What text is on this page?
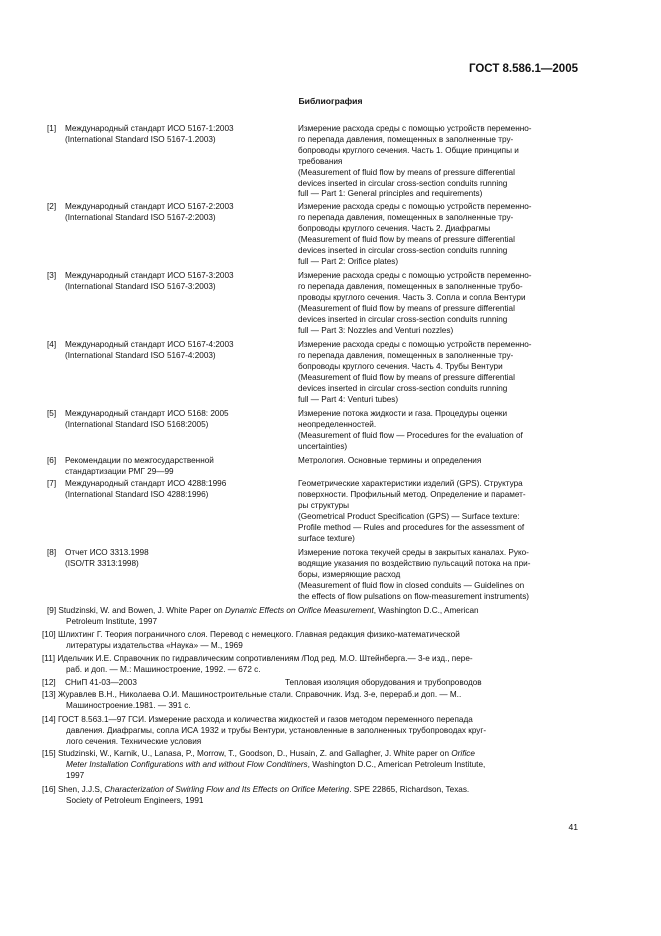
ГОСТ 8.586.1—2005
Библиография
[1] Международный стандарт ИСО 5167-1:2003
(International Standard ISO 5167-1.2003)
Измерение расхода среды с помощью устройств переменно-
го перепада давления, помещенных в заполненные тру-
бопроводы круглого сечения. Часть 1. Общие принципы и
требования
(Measurement of fluid flow by means of pressure differential
devices inserted in circular cross-section conduits running
full — Part 1: General principles and requirements)
[2] Международный стандарт ИСО 5167-2:2003
(International Standard ISO 5167-2:2003)
Измерение расхода среды с помощью устройств переменно-
го перепада давления, помещенных в заполненные тру-
бопроводы круглого сечения. Часть 2. Диафрагмы
(Measurement of fluid flow by means of pressure differential
devices inserted in circular cross-section conduits running
full — Part 2: Orifice plates)
[3] Международный стандарт ИСО 5167-3:2003
(International Standard ISO 5167-3:2003)
Измерение расхода среды с помощью устройств переменно-
го перепада давления, помещенных в заполненные трубо-
проводы круглого сечения. Часть 3. Сопла и сопла Вентури
(Measurement of fluid flow by means of pressure differential
devices inserted in circular cross-section conduits running
full — Part 3: Nozzles and Venturi nozzles)
[4] Международный стандарт ИСО 5167-4:2003
(International Standard ISO 5167-4:2003)
Измерение расхода среды с помощью устройств переменно-
го перепада давления, помещенных в заполненные тру-
бопроводы круглого сечения. Часть 4. Трубы Вентури
(Measurement of fluid flow by means of pressure differential
devices inserted in circular cross-section conduits running
full — Part 4: Venturi tubes)
[5] Международный стандарт ИСО 5168: 2005
(International Standard ISO 5168:2005)
Измерение потока жидкости и газа. Процедуры оценки
неопределенностей.
(Measurement of fluid flow — Procedures for the evaluation of
uncertainties)
[6] Рекомендации по межгосударственной
стандартизации РМГ 29—99
Метрология. Основные термины и определения
[7] Международный стандарт ИСО 4288:1996
(International Standard ISO 4288:1996)
Геометрические характеристики изделий (GPS). Структура
поверхности. Профильный метод. Определение и парамет-
ры структуры
(Geometrical Product Specification (GPS) — Surface texture:
Profile method — Rules and procedures for the assessment of
surface texture)
[8] Отчет ИСО 3313.1998
(ISO/TR 3313:1998)
Измерение потока текучей среды в закрытых каналах. Руко-
водящие указания по воздействию пульсаций потока на при-
боры, измеряющие расход
(Measurement of fluid flow in closed conduits — Guidelines on
the effects of flow pulsations on flow-measurement instruments)
[9] Studzinski, W. and Bowen, J. White Paper on Dynamic Effects on Orifice Measurement, Washington D.C., American
Petroleum Institute, 1997
[10] Шлихтинг Г. Теория пограничного слоя. Перевод с немецкого. Главная редакция физико-математической
литературы издательства «Наука» — М., 1969
[11] Идельчик И.Е. Справочник по гидравлическим сопротивлениям /Под ред. М.О. Штейнберга.— 3-е изд., пере-
раб. и доп. — М.: Машиностроение, 1992. — 672 с.
[12] СНиП 41-03—2003	Тепловая изоляция оборудования и трубопроводов
[13] Журавлев В.Н., Николаева О.И. Машиностроительные стали. Справочник. Изд. 3-е, перераб.и доп. — М..
Машиностроение.1981. — 391 с.
[14] ГОСТ 8.563.1—97 ГСИ. Измерение расхода и количества жидкостей и газов методом переменного перепада
давления. Диафрагмы, сопла ИСА 1932 и трубы Вентури, установленные в заполненных трубопроводах круг-
лого сечения. Технические условия
[15] Studzinski, W., Karnik, U., Lanasa, P., Morrow, T., Goodson, D., Husain, Z. and Gallagher, J. White paper on Orifice
Meter Installation Configurations with and without Flow Conditiners, Washington D.C., American Petroleum Institute,
1997
[16] Shen, J.J.S, Characterization of Swirling Flow and Its Effects on Orifice Metering. SPE 22865, Richardson, Texas.
Society of Petroleum Engineers, 1991
41
